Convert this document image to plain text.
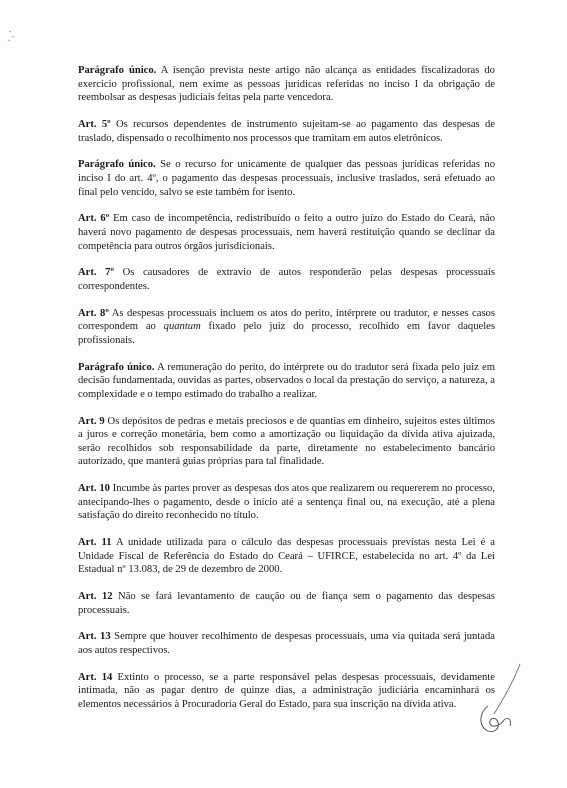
Parágrafo único. A isenção prevista neste artigo não alcança as entidades fiscalizadoras do exercício profissional, nem exime as pessoas jurídicas referidas no inciso I da obrigação de reembolsar as despesas judiciais feitas pela parte vencedora.

Art. 5º Os recursos dependentes de instrumento sujeitam-se ao pagamento das despesas de traslado, dispensado o recolhimento nos processos que tramitam em autos eletrônicos.

Parágrafo único. Se o recurso for unicamente de qualquer das pessoas jurídicas referidas no inciso I do art. 4º, o pagamento das despesas processuais, inclusive traslados, será efetuado ao final pelo vencido, salvo se este também for isento.

Art. 6º Em caso de incompetência, redistribuído o feito a outro juízo do Estado do Ceará, não haverá novo pagamento de despesas processuais, nem haverá restituição quando se declinar da competência para outros órgãos jurisdicionais.

Art. 7º Os causadores de extravio de autos responderão pelas despesas processuais correspondentes.

Art. 8º As despesas processuais incluem os atos do perito, intérprete ou tradutor, e nesses casos correspondem ao quantum fixado pelo juiz do processo, recolhido em favor daqueles profissionais.

Parágrafo único. A remuneração do perito, do intérprete ou do tradutor será fixada pelo juiz em decisão fundamentada, ouvidas as partes, observados o local da prestação do serviço, a natureza, a complexidade e o tempo estimado do trabalho a realizar.

Art. 9 Os depósitos de pedras e metais preciosos e de quantias em dinheiro, sujeitos estes últimos a juros e correção monetária, bem como a amortização ou liquidação da dívida ativa ajuizada, serão recolhidos sob responsabilidade da parte, diretamente no estabelecimento bancário autorizado, que manterá guias próprias para tal finalidade.

Art. 10 Incumbe às partes prover as despesas dos atos que realizarem ou requererem no processo, antecipando-lhes o pagamento, desde o início até a sentença final ou, na execução, até a plena satisfação do direito reconhecido no título.

Art. 11 A unidade utilizada para o cálculo das despesas processuais previstas nesta Lei é a Unidade Fiscal de Referência do Estado do Ceará – UFIRCE, estabelecida no art. 4º da Lei Estadual nº 13.083, de 29 de dezembro de 2000.

Art. 12 Não se fará levantamento de caução ou de fiança sem o pagamento das despesas processuais.

Art. 13 Sempre que houver recolhimento de despesas processuais, uma via quitada será juntada aos autos respectivos.

Art. 14 Extinto o processo, se a parte responsável pelas despesas processuais, devidamente intimada, não as pagar dentro de quinze dias, a administração judiciária encaminhará os elementos necessários à Procuradoria Geral do Estado, para sua inscrição na dívida ativa.
